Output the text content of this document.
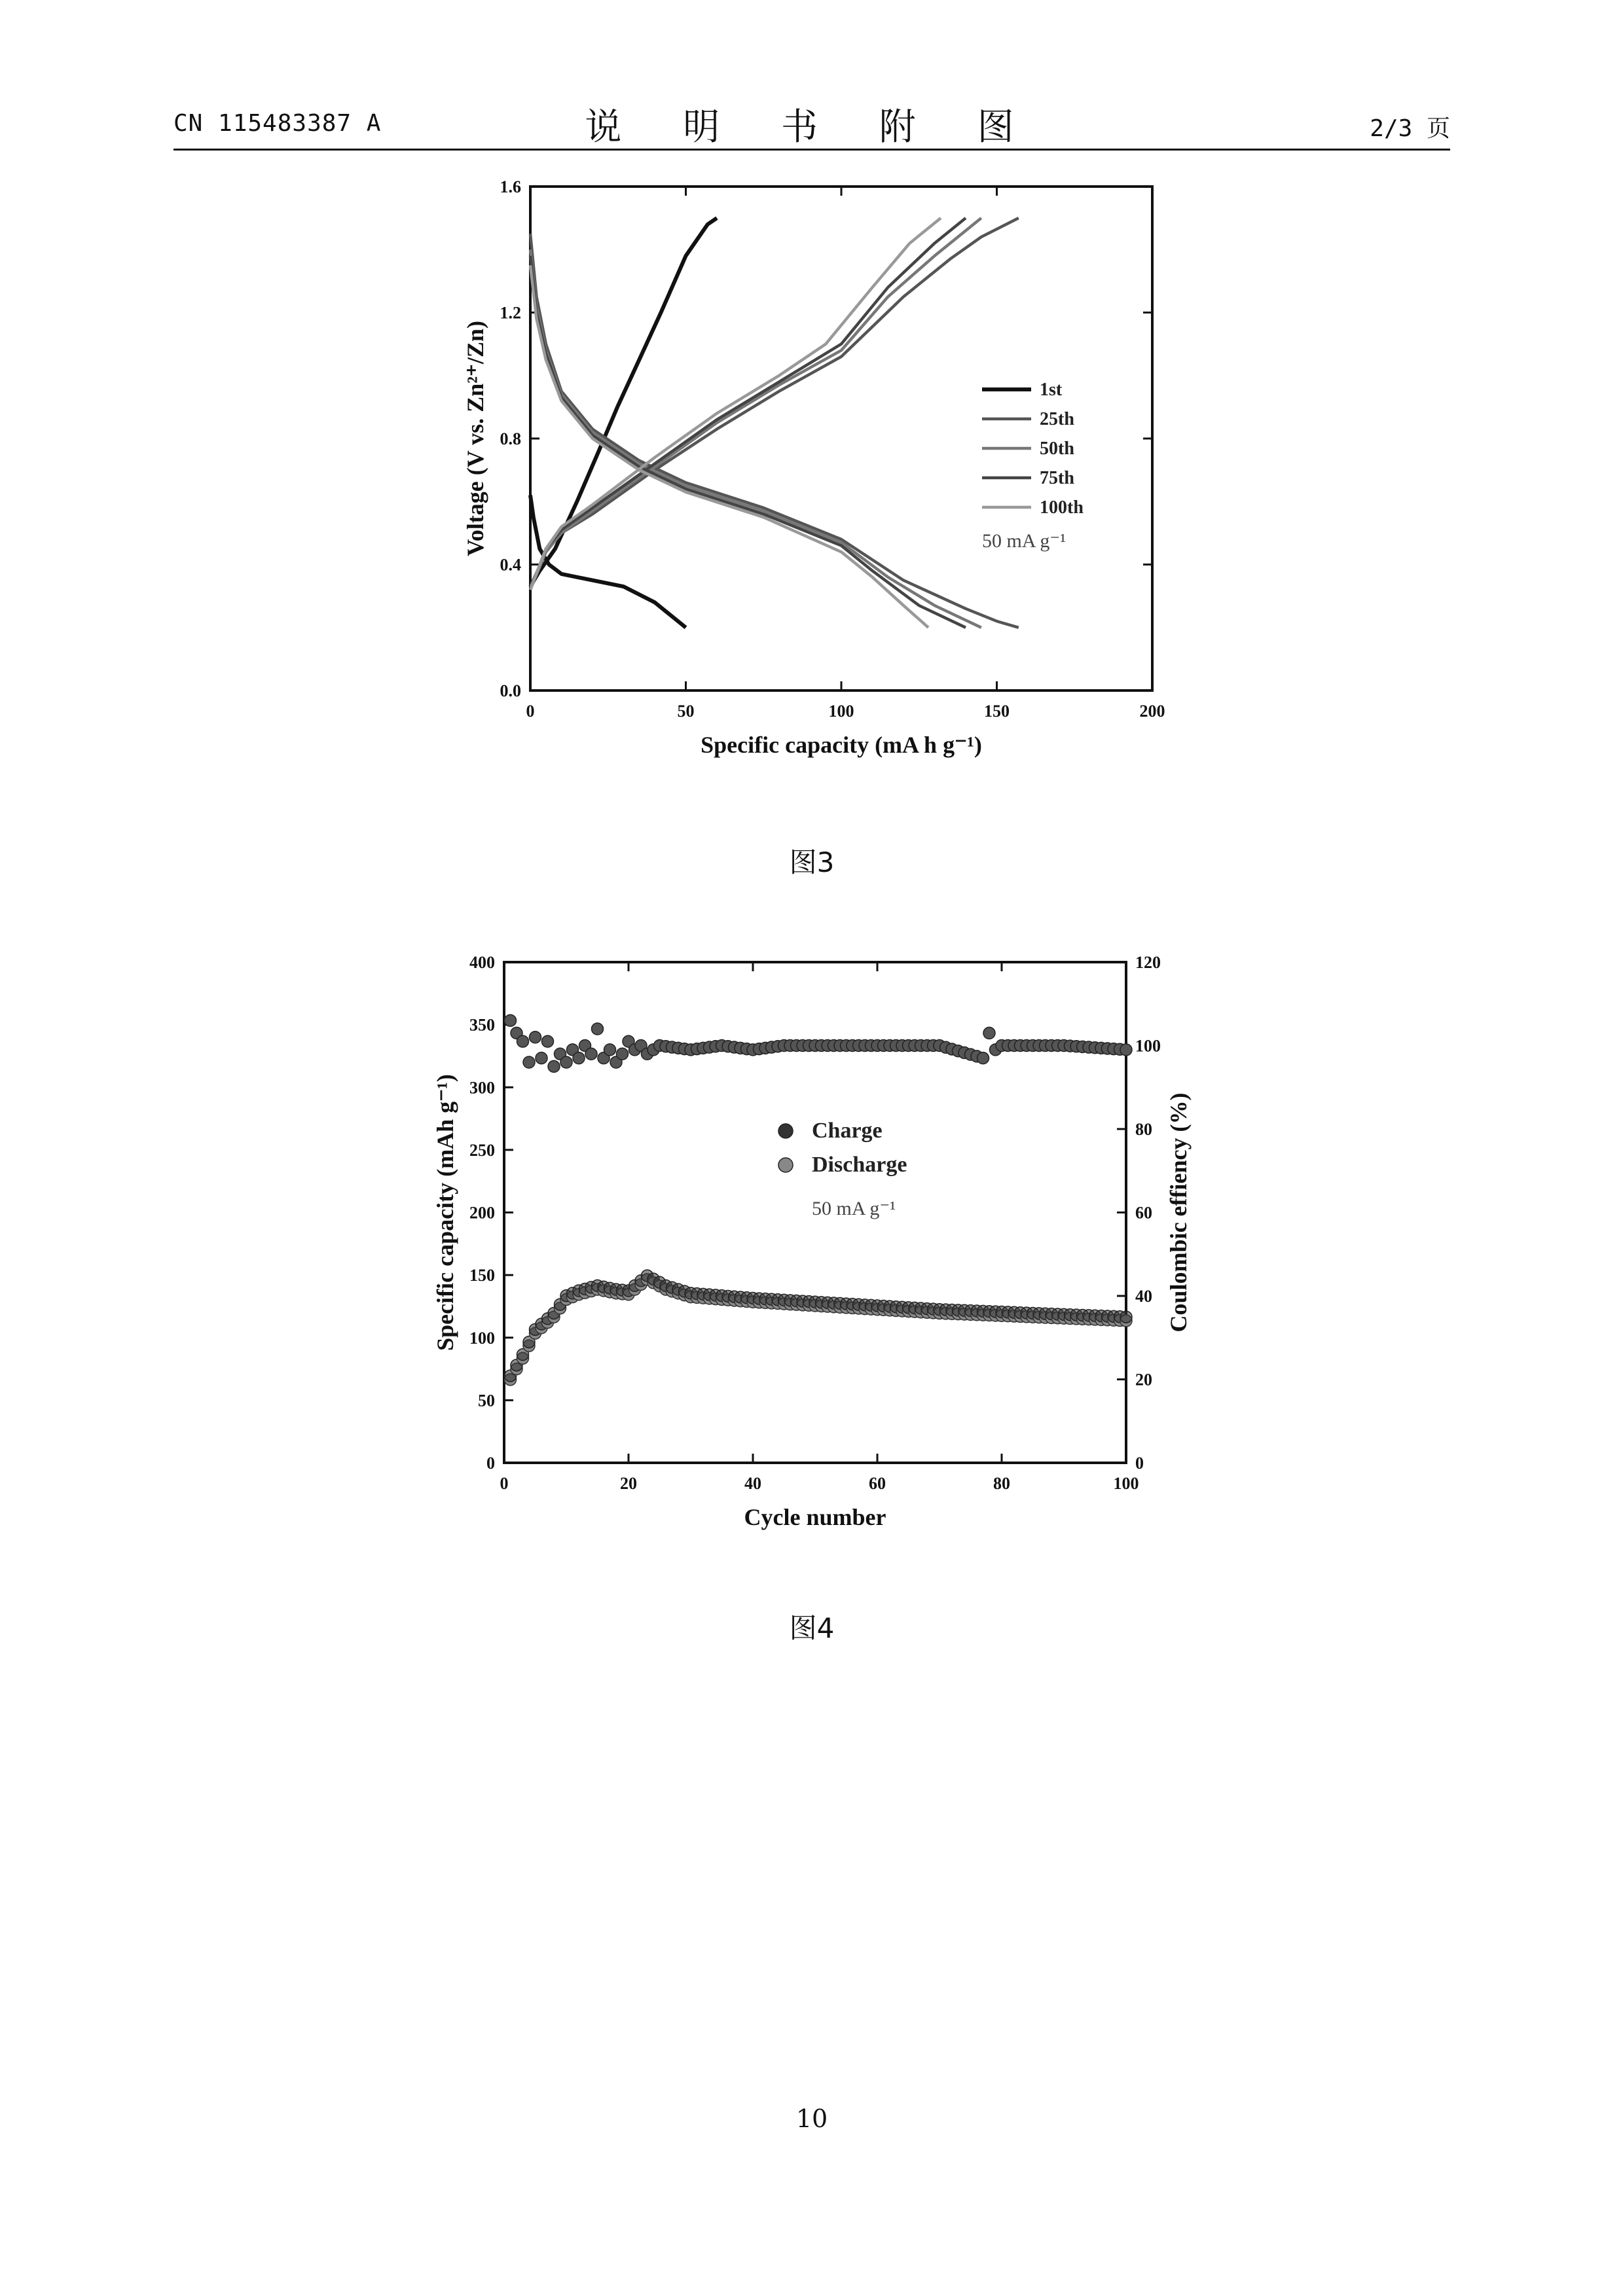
CN 115483387 A	说 明 书 附 图	2/3 页
0	50	100	150	200
0.0
0.4
0.8
1.2
1.6
Specific capacity (mA h g⁻¹)
Voltage (V vs. Zn²⁺/Zn)	1st
25th
50th
75th
100th
50 mA g⁻¹
图3
0	20	40	60	80	100
0
50
100
150
200
250
300
350
400
0
20
40
60
80
100
120
Cycle number
Specific capacity (mAh g⁻¹)	Coulombic effiency (%)
Charge
Discharge
50 mA g⁻¹
图4
10
